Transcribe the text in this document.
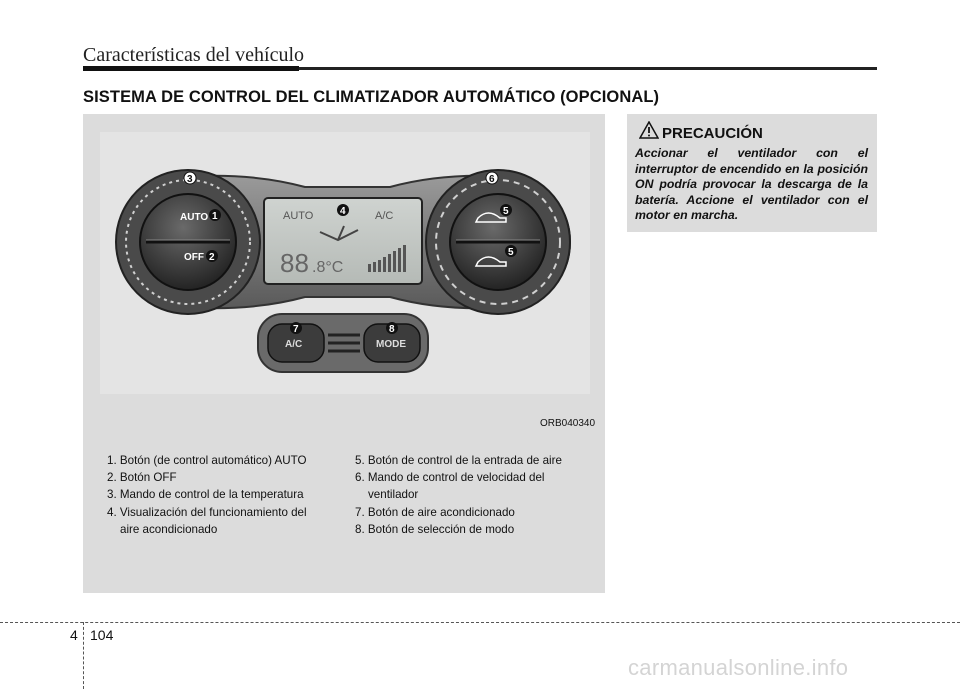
Características del vehículo
SISTEMA DE CONTROL DEL CLIMATIZADOR AUTOMÁTICO (OPCIONAL)
AUTO
OFF
AUTO	A/C
88 .8°C
A/C	MODE
1
2
3
4	5
5
6
7	8
ORB040340
1. Botón (de control automático) AUTO
2. Botón OFF
3. Mando de control de la temperatura
4. Visualización del funcionamiento del
aire acondicionado
5. Botón de control de la entrada de aire
6. Mando de control de velocidad del
ventilador
7. Botón de aire acondicionado
8. Botón de selección de modo
PRECAUCIÓN
Accionar el ventilador con el interruptor de encendido en la posición ON podría provocar la descarga de la batería. Accione el ventilador con el motor en marcha.
4 104
carmanualsonline.info
